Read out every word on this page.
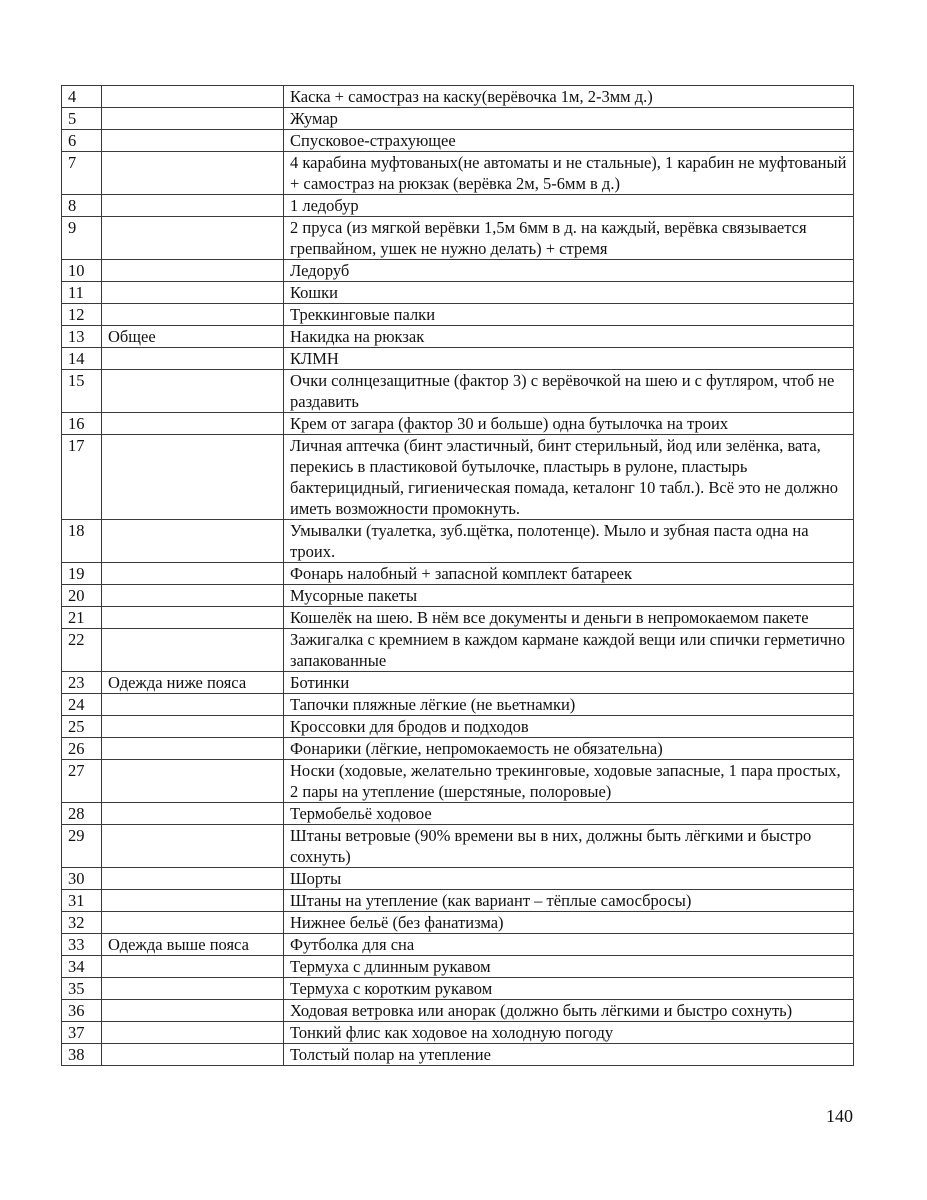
4		Каска + самостраз на каску(верёвочка 1м, 2-3мм д.)
5		Жумар
6		Спусковое-страхующее
7		4 карабина муфтованых(не автоматы и не стальные), 1 карабин не муфтованый + самостраз на рюкзак (верёвка 2м, 5-6мм в д.)
8		1 ледобур
9		2 пруса (из мягкой верёвки 1,5м 6мм в д. на каждый, верёвка связывается грепвайном, ушек не нужно делать) + стремя
10		Ледоруб
11		Кошки
12		Треккинговые палки
13	Общее	Накидка на рюкзак
14		КЛМН
15		Очки солнцезащитные (фактор 3) с верёвочкой на шею и с футляром, чтоб не раздавить
16		Крем от загара (фактор 30 и больше) одна бутылочка на троих
17		Личная аптечка (бинт эластичный, бинт стерильный, йод или зелёнка, вата, перекись в пластиковой бутылочке, пластырь в рулоне, пластырь бактерицидный, гигиеническая помада, кеталонг 10 табл.). Всё это не должно иметь возможности промокнуть.
18		Умывалки (туалетка, зуб.щётка, полотенце). Мыло и зубная паста одна на троих.
19		Фонарь налобный + запасной комплект батареек
20		Мусорные пакеты
21		Кошелёк на шею. В нём все документы и деньги в непромокаемом пакете
22		Зажигалка с кремнием в каждом кармане каждой вещи или спички герметично запакованные
23	Одежда ниже пояса	Ботинки
24		Тапочки пляжные лёгкие (не вьетнамки)
25		Кроссовки для бродов и подходов
26		Фонарики (лёгкие, непромокаемость не обязательна)
27		Носки (ходовые, желательно трекинговые, ходовые запасные, 1 пара простых, 2 пары на утепление (шерстяные, полоровые)
28		Термобельё ходовое
29		Штаны ветровые (90% времени вы в них, должны быть лёгкими и быстро сохнуть)
30		Шорты
31		Штаны на утепление (как вариант – тёплые самосбросы)
32		Нижнее бельё (без фанатизма)
33	Одежда выше пояса	Футболка для сна
34		Термуха с длинным рукавом
35		Термуха с коротким рукавом
36		Ходовая ветровка или анорак (должно быть лёгкими и быстро сохнуть)
37		Тонкий флис как ходовое на холодную погоду
38		Толстый полар на утепление
140
